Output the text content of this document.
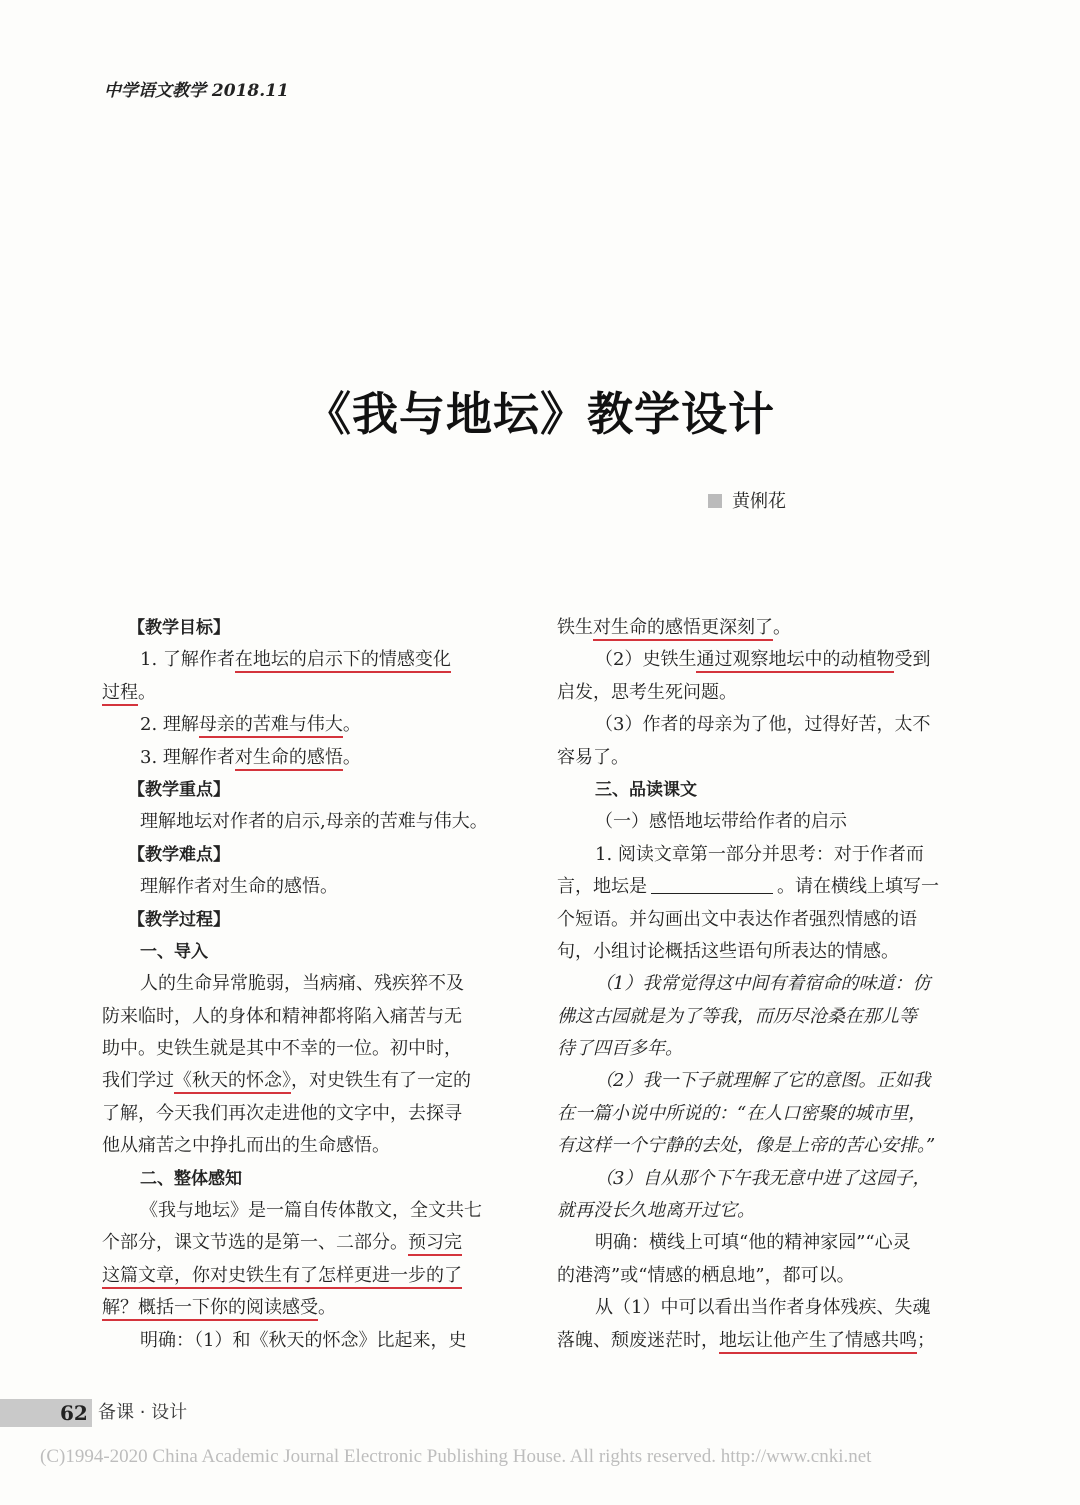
中学语文教学 2018.11
《我与地坛》教学设计
黄俐花
【教学目标】
1. 了解作者在地坛的启示下的情感变化
过程。
2. 理解母亲的苦难与伟大。
3. 理解作者对生命的感悟。
【教学重点】
理解地坛对作者的启示,母亲的苦难与伟大。
【教学难点】
理解作者对生命的感悟。
【教学过程】
一、导入
人的生命异常脆弱，当病痛、残疾猝不及
防来临时，人的身体和精神都将陷入痛苦与无
助中。史铁生就是其中不幸的一位。初中时，
我们学过《秋天的怀念》，对史铁生有了一定的
了解，今天我们再次走进他的文字中，去探寻
他从痛苦之中挣扎而出的生命感悟。
二、整体感知
《我与地坛》是一篇自传体散文，全文共七
个部分，课文节选的是第一、二部分。预习完
这篇文章，你对史铁生有了怎样更进一步的了
解？概括一下你的阅读感受。
明确：（1）和《秋天的怀念》比起来，史
铁生对生命的感悟更深刻了。
（2）史铁生通过观察地坛中的动植物受到
启发，思考生死问题。
（3）作者的母亲为了他，过得好苦，太不
容易了。
三、品读课文
（一）感悟地坛带给作者的启示
1. 阅读文章第一部分并思考：对于作者而
言，地坛是	。请在横线上填写一
个短语。并勾画出文中表达作者强烈情感的语
句，小组讨论概括这些语句所表达的情感。
（1）我常觉得这中间有着宿命的味道：仿
佛这古园就是为了等我，而历尽沧桑在那儿等
待了四百多年。
（2）我一下子就理解了它的意图。正如我
在一篇小说中所说的：“在人口密聚的城市里，
有这样一个宁静的去处，像是上帝的苦心安排。”
（3）自从那个下午我无意中进了这园子，
就再没长久地离开过它。
明确：横线上可填“他的精神家园”“心灵
的港湾”或“情感的栖息地”，都可以。
从（1）中可以看出当作者身体残疾、失魂
落魄、颓废迷茫时，地坛让他产生了情感共鸣；
62 备课 · 设计
(C)1994-2020 China Academic Journal Electronic Publishing House. All rights reserved. http://www.cnki.net
